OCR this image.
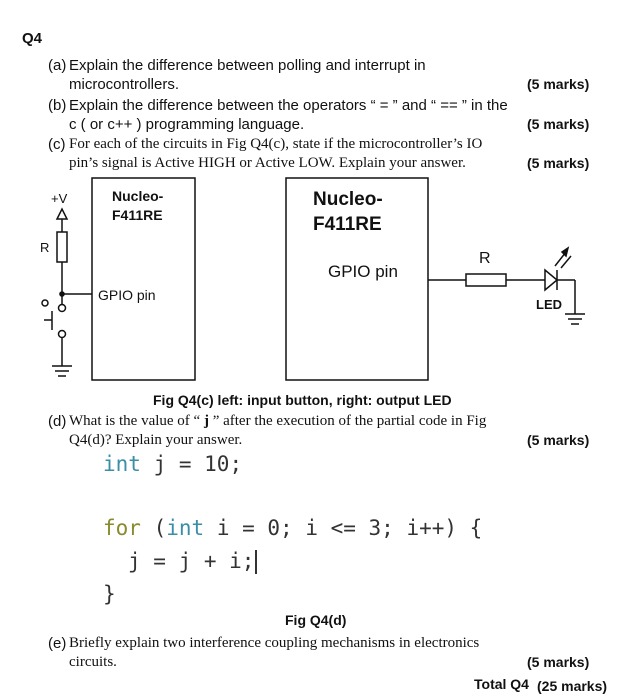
Q4
(a) Explain the difference between polling and interrupt in
microcontrollers.	(5 marks)
(b) Explain the difference between the operators “ = ” and “ == ” in the
c ( or c++ ) programming language.	(5 marks)
(c) For each of the circuits in Fig Q4(c), state if the microcontroller’s IO
pin’s signal is Active HIGH or Active LOW. Explain your answer.	(5 marks)
Nucleo-
F411RE
+V
R
GPIO pin
Nucleo-
F411RE
GPIO pin
R
LED
Fig Q4(c) left: input button, right: output LED
(d) What is the value of “ j ” after the execution of the partial code in Fig
Q4(d)? Explain your answer.	(5 marks)
int j = 10;
for (int i = 0; i <= 3; i++) {
j = j + i;
}
Fig Q4(d)
(e) Briefly explain two interference coupling mechanisms in electronics
circuits.	(5 marks)
Total Q4 (25 marks)
